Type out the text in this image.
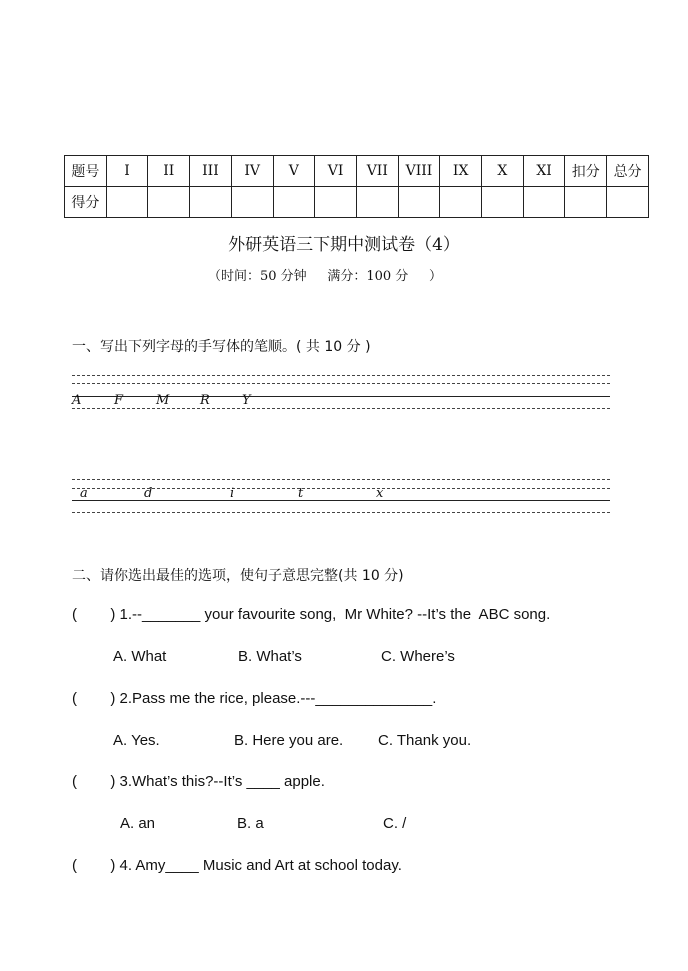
题号	I	II	III	IV	V	VI	VII	VIII	IX	X	XI	扣分	总分
得分													
外研英语三下期中测试卷（4）
（时间：50 分钟     满分：100 分     ）
一、写出下列字母的手写体的笔顺。( 共 10 分 )
A	F	M R Y
a	d	i	t	x
二、请你选出最佳的选项，使句子意思完整(共 10 分)
(        ) 1.--_______ your favourite song,  Mr White? --It’s the  ABC song.
A. What	B. What’s	C. Where’s
(        ) 2.Pass me the rice, please.---______________.
A. Yes.	B. Here you are. C. Thank you.
(        ) 3.What’s this?--It’s ____ apple.
A. an	B. a	C. /
(        ) 4. Amy____ Music and Art at school today.
